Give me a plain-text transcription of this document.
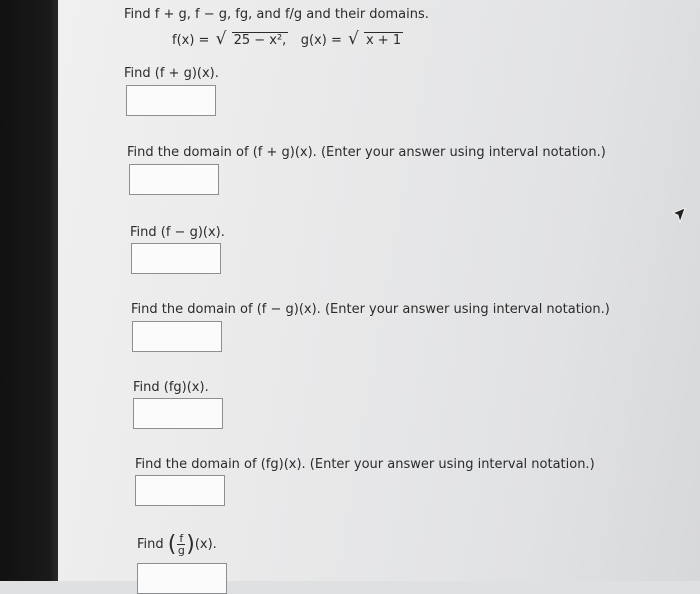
Find f + g, f − g, fg, and f/g and their domains.
f(x) = √ 25 − x², g(x) = √ x + 1
Find (f + g)(x).
Find the domain of (f + g)(x). (Enter your answer using interval notation.)
Find (f − g)(x).
Find the domain of (f − g)(x). (Enter your answer using interval notation.)
Find (fg)(x).
Find the domain of (fg)(x). (Enter your answer using interval notation.)
Find ( $\frac{f}{g} )(x)$.
